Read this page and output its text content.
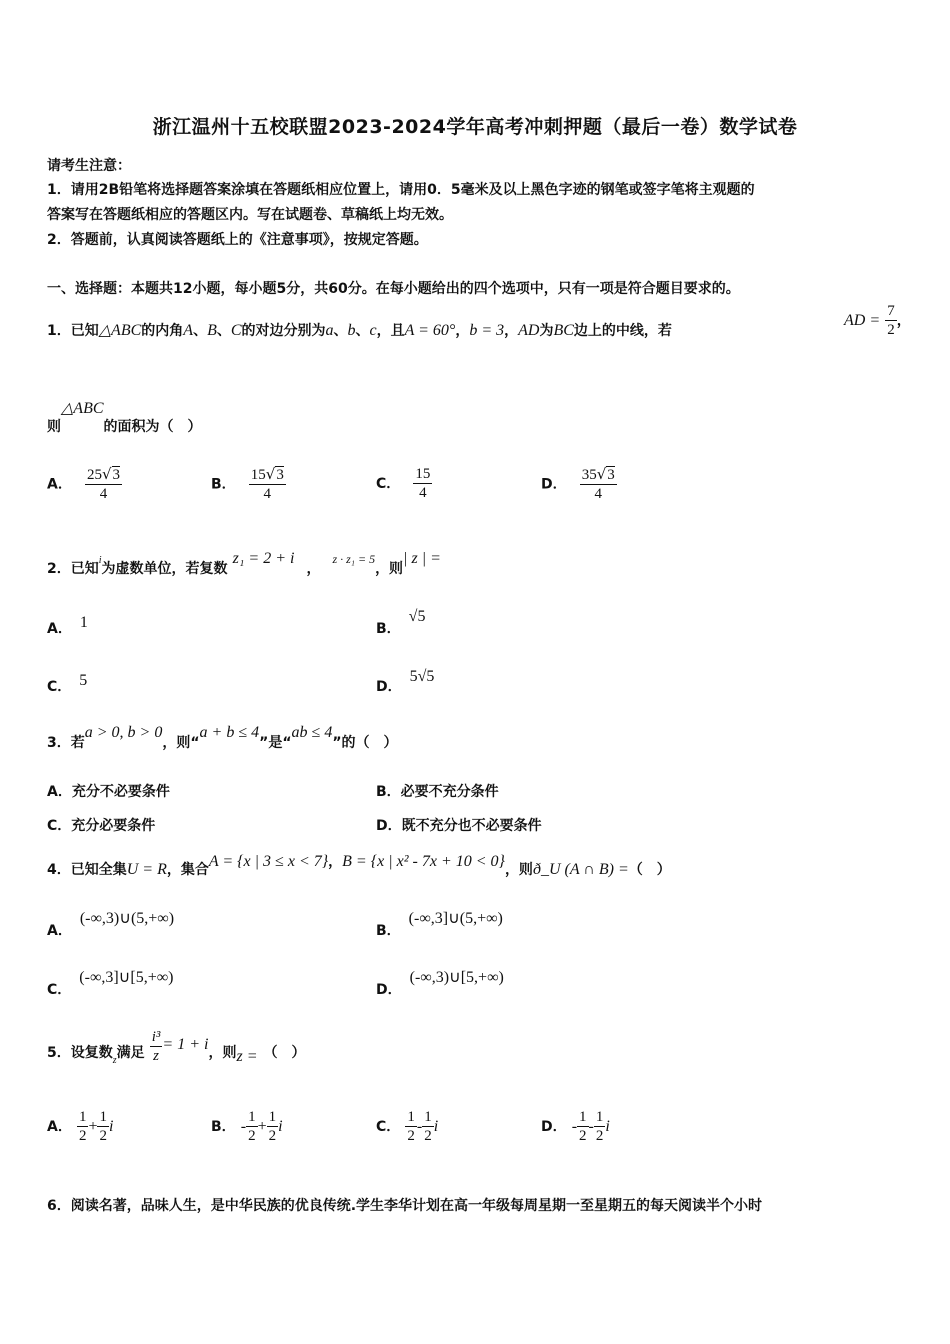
浙江温州十五校联盟2023-2024学年高考冲刺押题（最后一卷）数学试卷
请考生注意：
1．请用2B铅笔将选择题答案涂填在答题纸相应位置上，请用0．5毫米及以上黑色字迹的钢笔或签字笔将主观题的
答案写在答题纸相应的答题区内。写在试题卷、草稿纸上均无效。
2．答题前，认真阅读答题纸上的《注意事项》，按规定答题。
一、选择题：本题共12小题，每小题5分，共60分。在每小题给出的四个选项中，只有一项是符合题目要求的。
1．已知△ABC的内角A、B、C的对边分别为a、b、c，且A = 60°，b = 3，AD为BC边上的中线，若
AD = $\frac{7}{2}$ ，
则△ABC的面积为（　）
A． $\frac{25√3}{4}$	B． $\frac{15√3}{4}$	C． $\frac{15}{4}$	D． $\frac{35√3}{4}$
2．已知i为虚数单位，若复数 z₁ = 2 + i，z · z₁ = 5，则| z | =
A． 1	B．√5
C． 5	D．5√5
3．若a > 0, b > 0，则“a + b ≤ 4”是“ab ≤ 4”的（　）
A．充分不必要条件	B．必要不充分条件
C．充分必要条件	D．既不充分也不必要条件
4．已知全集U = R，集合A = {x | 3 ≤ x < 7}，B = {x | x² - 7x + 10 < 0}，则ð_U (A ∩ B) =（　）
A．(-∞,3)∪(5,+∞)
B．(-∞,3]∪(5,+∞)
C．(-∞,3]∪[5,+∞)
D．(-∞,3)∪[5,+∞)
5．设复数$_z$满足 $\frac{\text{i³}}{z} = 1 + i$，则z = （　）
A． $\frac{1}{2} + \frac{1}{2}$ i	B． - $\frac{1}{2} + \frac{1}{2}$ i	C． $\frac{1}{2} - \frac{1}{2}$ i	D． - $\frac{1}{2} - \frac{1}{2}$ i
6．阅读名著，品味人生，是中华民族的优良传统.学生李华计划在高一年级每周星期一至星期五的每天阅读半个小时
